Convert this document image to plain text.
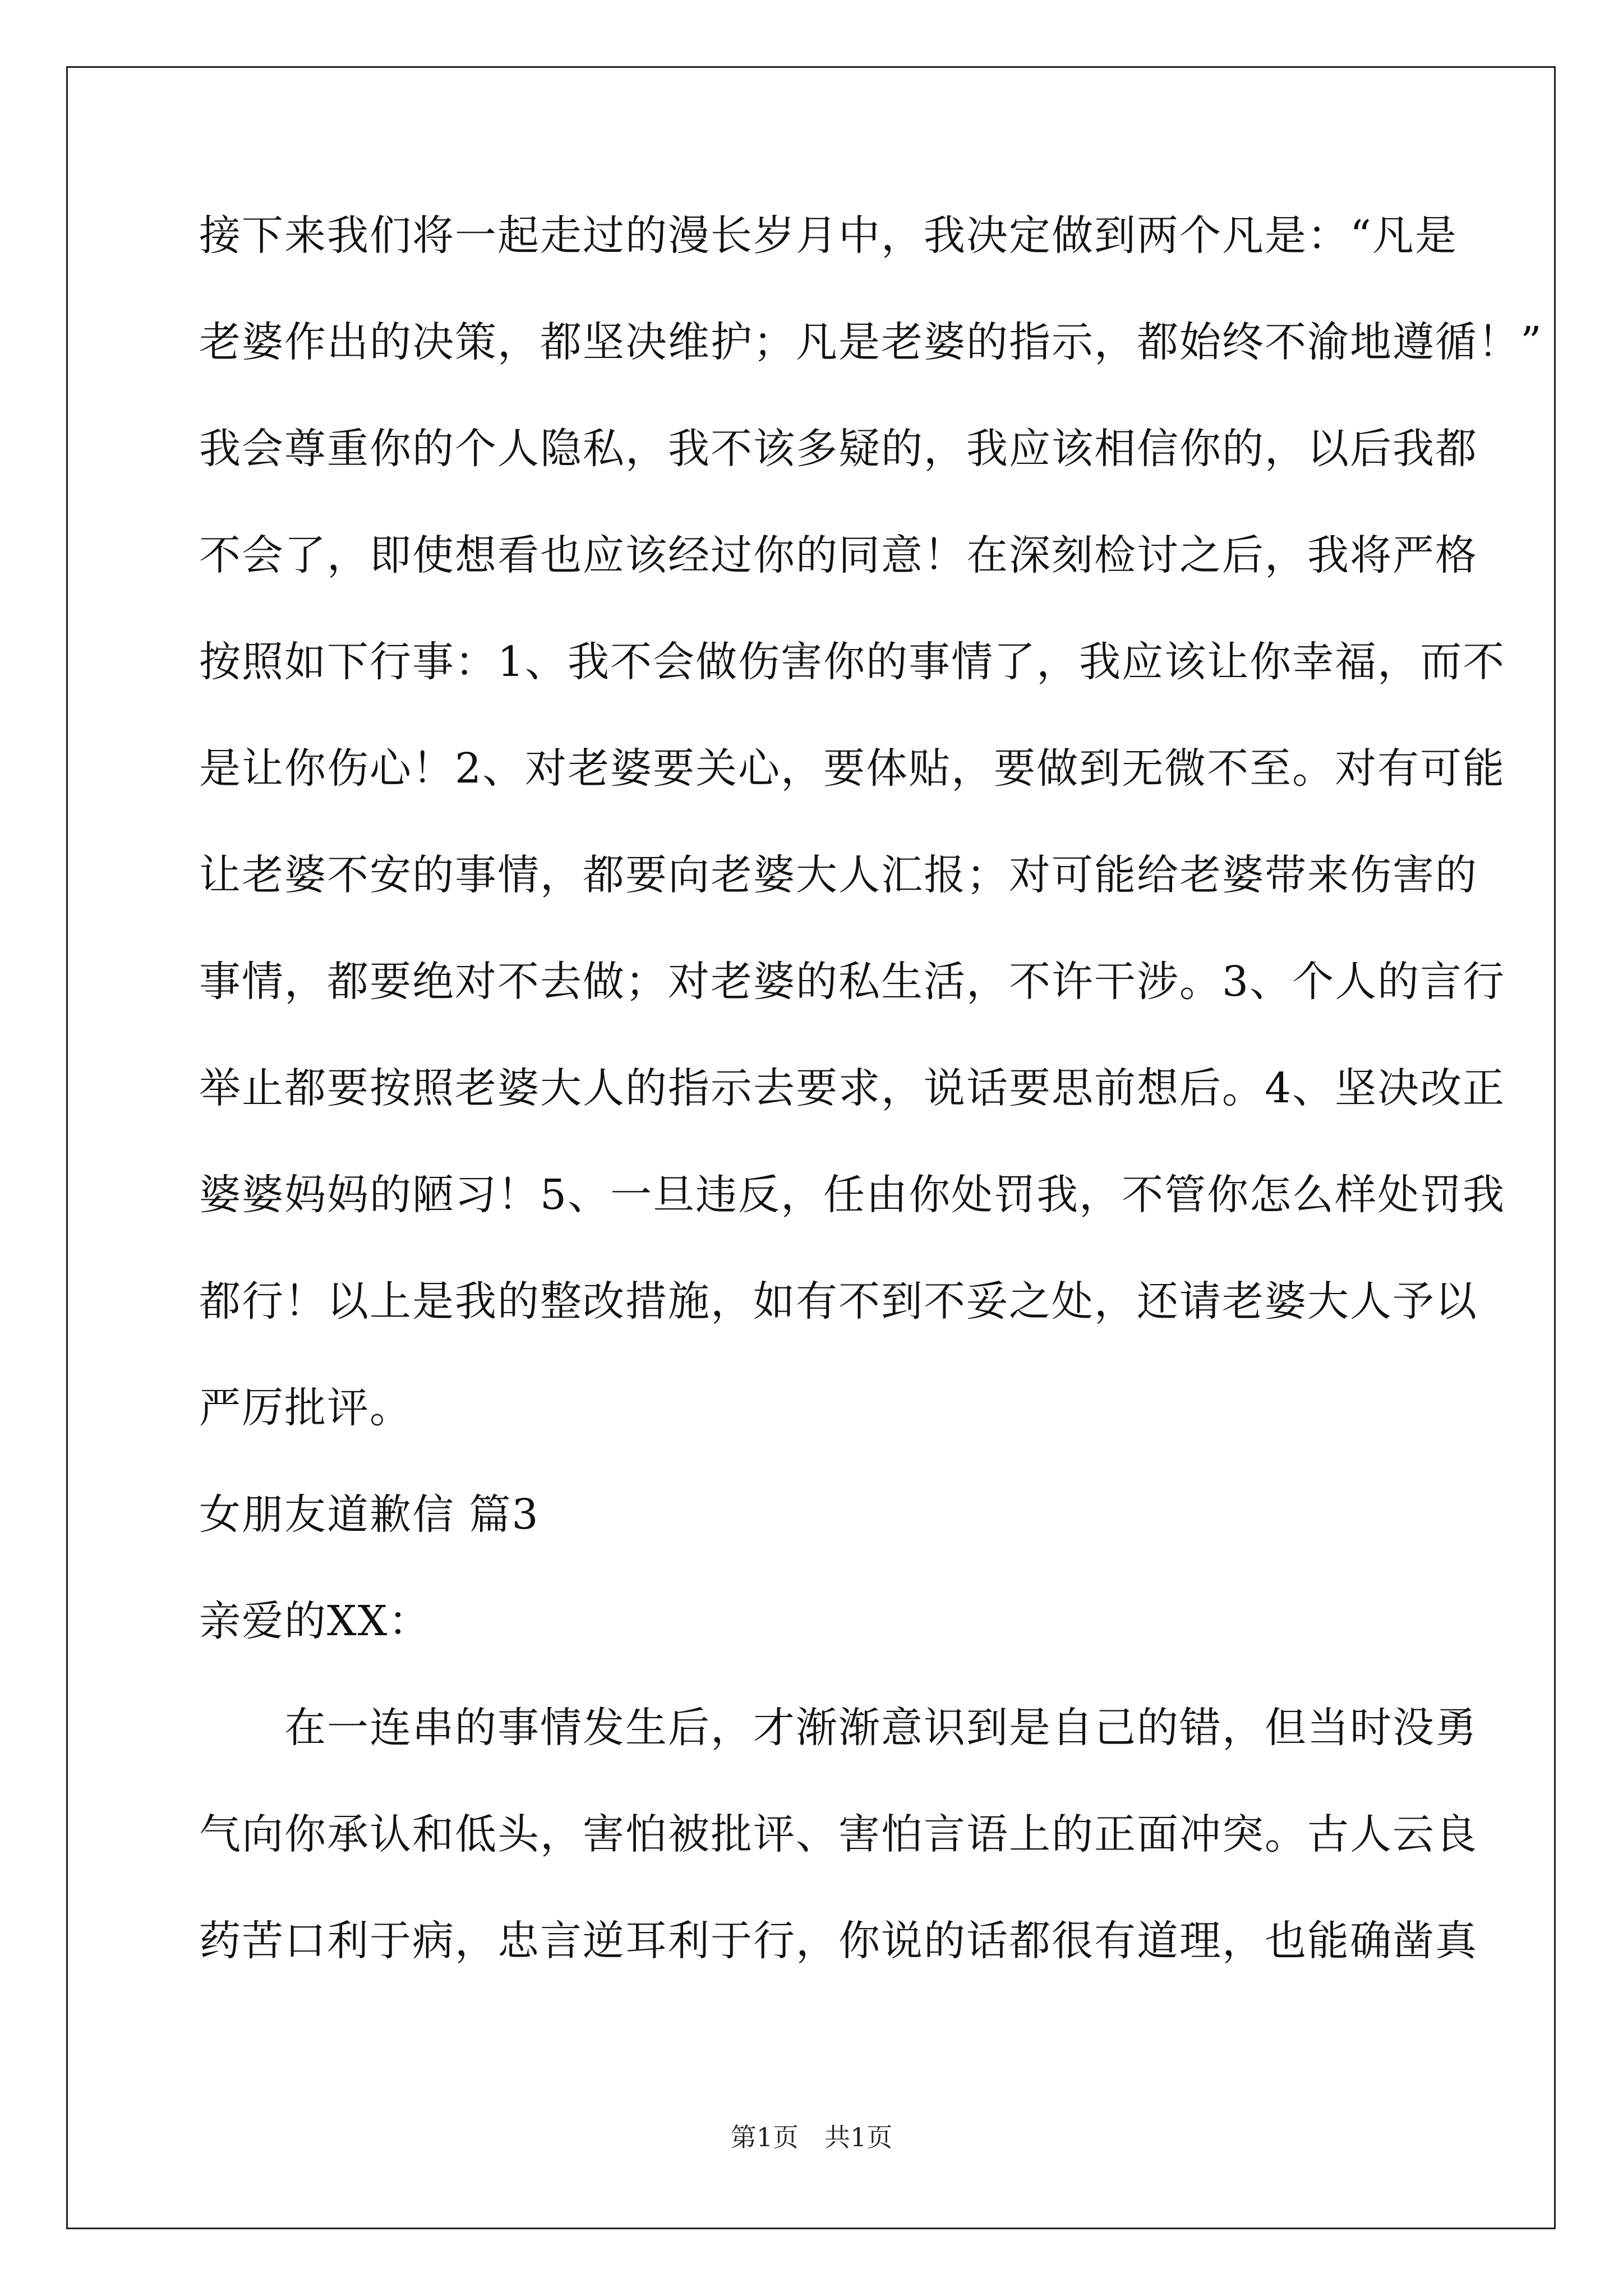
接下来我们将一起走过的漫长岁月中，我决定做到两个凡是：“凡是
老婆作出的决策，都坚决维护；凡是老婆的指示，都始终不渝地遵循！”
我会尊重你的个人隐私，我不该多疑的，我应该相信你的，以后我都
不会了，即使想看也应该经过你的同意！在深刻检讨之后，我将严格
按照如下行事：1、我不会做伤害你的事情了，我应该让你幸福，而不
是让你伤心！2、对老婆要关心，要体贴，要做到无微不至。对有可能
让老婆不安的事情，都要向老婆大人汇报；对可能给老婆带来伤害的
事情，都要绝对不去做；对老婆的私生活，不许干涉。3、个人的言行
举止都要按照老婆大人的指示去要求，说话要思前想后。4、坚决改正
婆婆妈妈的陋习！5、一旦违反，任由你处罚我，不管你怎么样处罚我
都行！以上是我的整改措施，如有不到不妥之处，还请老婆大人予以
严厉批评。
女朋友道歉信 篇3
亲爱的XX：
　　在一连串的事情发生后，才渐渐意识到是自己的错，但当时没勇
气向你承认和低头，害怕被批评、害怕言语上的正面冲突。古人云良
药苦口利于病，忠言逆耳利于行，你说的话都很有道理，也能确凿真
第1页　共1页
